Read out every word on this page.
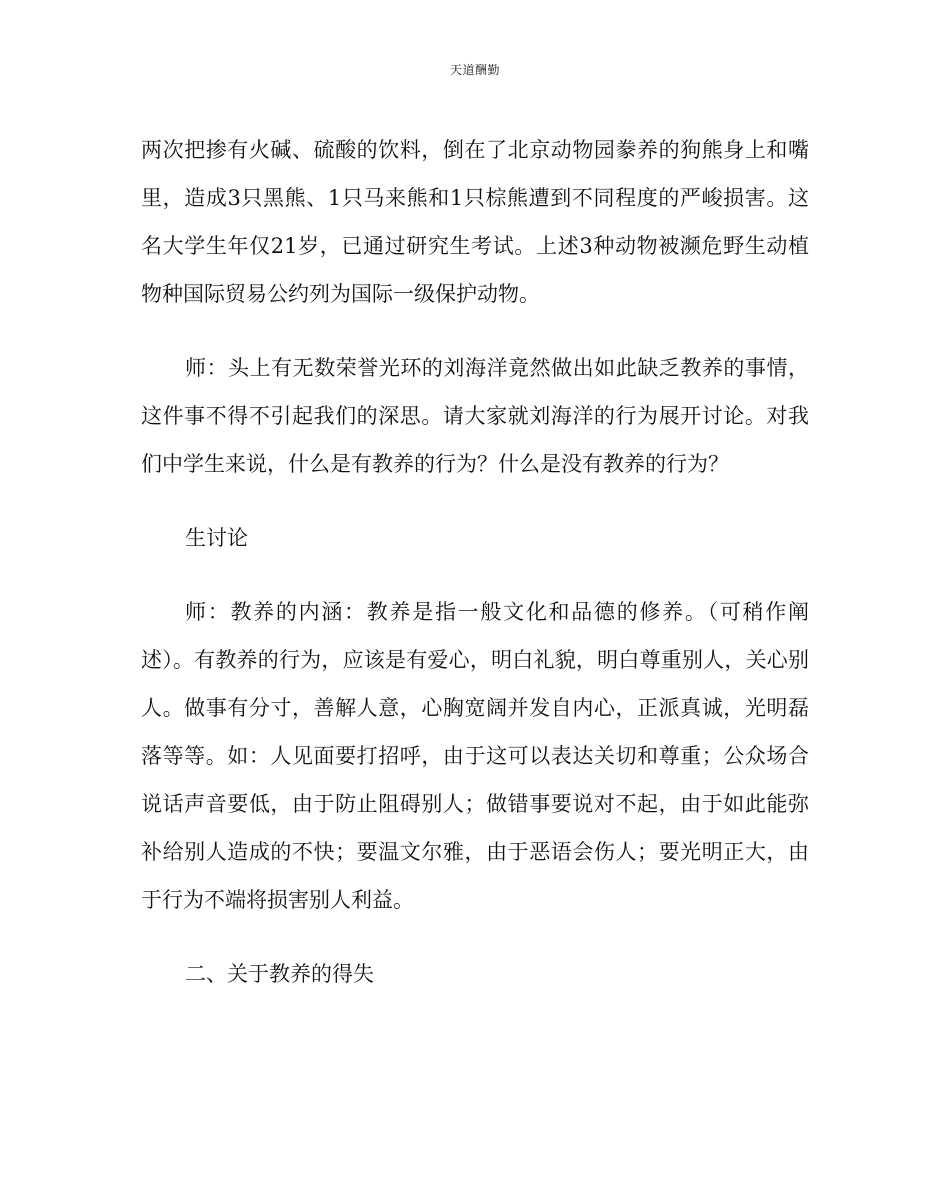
天道酬勤

两次把掺有火碱、硫酸的饮料，倒在了北京动物园豢养的狗熊身上和嘴里，造成3只黑熊、1只马来熊和1只棕熊遭到不同程度的严峻损害。这名大学生年仅21岁，已通过研究生考试。上述3种动物被濒危野生动植物种国际贸易公约列为国际一级保护动物。

师：头上有无数荣誉光环的刘海洋竟然做出如此缺乏教养的事情，这件事不得不引起我们的深思。请大家就刘海洋的行为展开讨论。对我们中学生来说，什么是有教养的行为？什么是没有教养的行为？

生讨论

师：教养的内涵：教养是指一般文化和品德的修养。（可稍作阐述）。有教养的行为，应该是有爱心，明白礼貌，明白尊重别人，关心别人。做事有分寸，善解人意，心胸宽阔并发自内心，正派真诚，光明磊落等等。如：人见面要打招呼，由于这可以表达关切和尊重；公众场合说话声音要低，由于防止阻碍别人；做错事要说对不起，由于如此能弥补给别人造成的不快；要温文尔雅，由于恶语会伤人；要光明正大，由于行为不端将损害别人利益。

二、关于教养的得失
